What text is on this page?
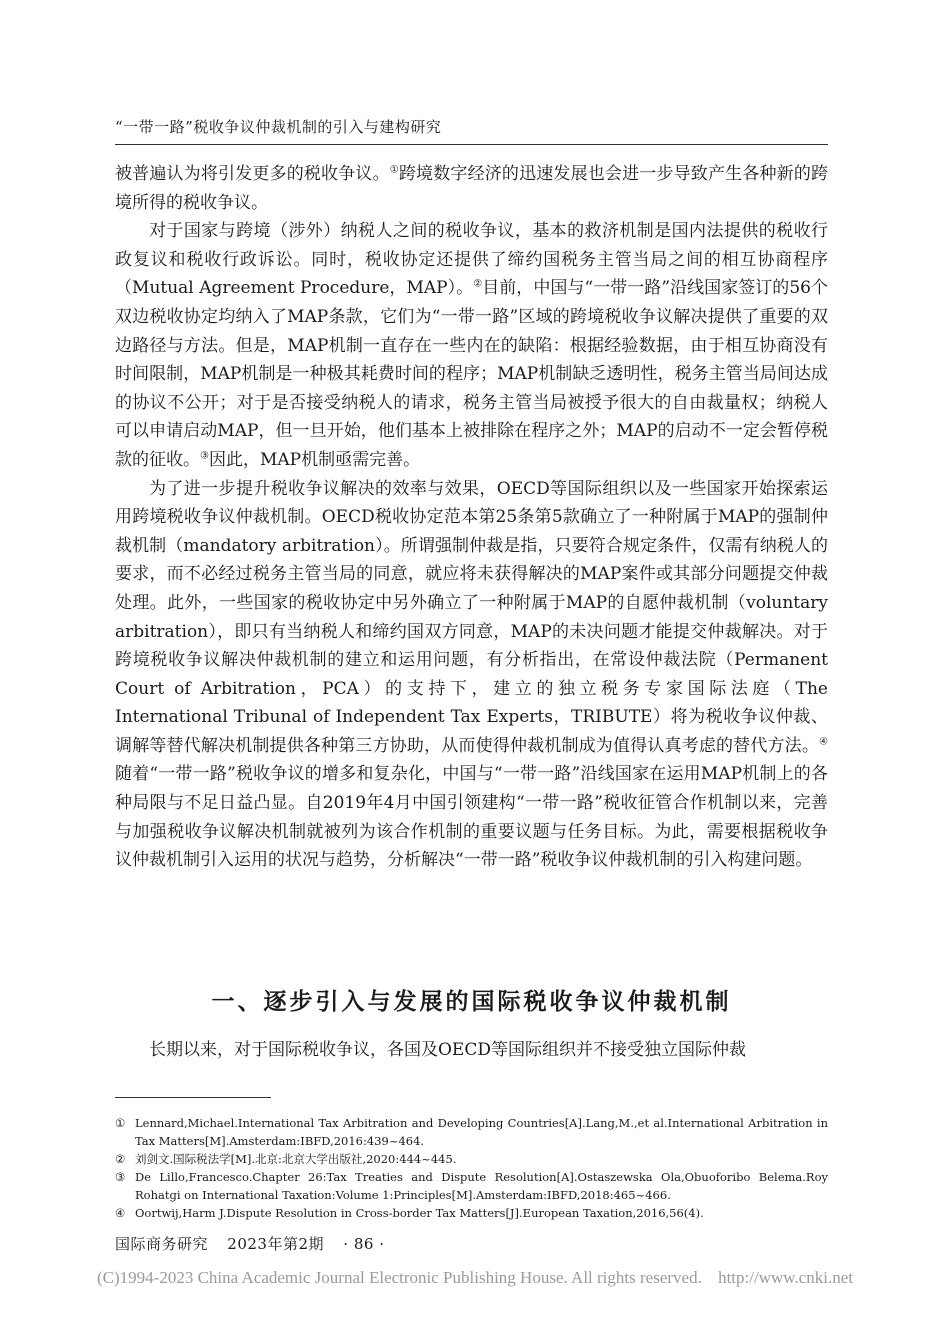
“一带一路”税收争议仲裁机制的引入与建构研究

被普遍认为将引发更多的税收争议。①跨境数字经济的迅速发展也会进一步导致产生各种新的跨境所得的税收争议。

对于国家与跨境（涉外）纳税人之间的税收争议，基本的救济机制是国内法提供的税收行政复议和税收行政诉讼。同时，税收协定还提供了缔约国税务主管当局之间的相互协商程序（Mutual Agreement Procedure，MAP）。②目前，中国与“一带一路”沿线国家签订的56个双边税收协定均纳入了MAP条款，它们为“一带一路”区域的跨境税收争议解决提供了重要的双边路径与方法。但是，MAP机制一直存在一些内在的缺陷：根据经验数据，由于相互协商没有时间限制，MAP机制是一种极其耗费时间的程序；MAP机制缺乏透明性，税务主管当局间达成的协议不公开；对于是否接受纳税人的请求，税务主管当局被授予很大的自由裁量权；纳税人可以申请启动MAP，但一旦开始，他们基本上被排除在程序之外；MAP的启动不一定会暂停税款的征收。③因此，MAP机制亟需完善。

为了进一步提升税收争议解决的效率与效果，OECD等国际组织以及一些国家开始探索运用跨境税收争议仲裁机制。OECD税收协定范本第25条第5款确立了一种附属于MAP的强制仲裁机制（mandatory arbitration）。所谓强制仲裁是指，只要符合规定条件，仅需有纳税人的要求，而不必经过税务主管当局的同意，就应将未获得解决的MAP案件或其部分问题提交仲裁处理。此外，一些国家的税收协定中另外确立了一种附属于MAP的自愿仲裁机制（voluntary arbitration），即只有当纳税人和缔约国双方同意，MAP的未决问题才能提交仲裁解决。对于跨境税收争议解决仲裁机制的建立和运用问题，有分析指出，在常设仲裁法院（Permanent Court of Arbitration，PCA）的支持下，建立的独立税务专家国际法庭（The International Tribunal of Independent Tax Experts，TRIBUTE）将为税收争议仲裁、调解等替代解决机制提供各种第三方协助，从而使得仲裁机制成为值得认真考虑的替代方法。④随着“一带一路”税收争议的增多和复杂化，中国与“一带一路”沿线国家在运用MAP机制上的各种局限与不足日益凸显。自2019年4月中国引领建构“一带一路”税收征管合作机制以来，完善与加强税收争议解决机制就被列为该合作机制的重要议题与任务目标。为此，需要根据税收争议仲裁机制引入运用的状况与趋势，分析解决“一带一路”税收争议仲裁机制的引入构建问题。

一、逐步引入与发展的国际税收争议仲裁机制

长期以来，对于国际税收争议，各国及OECD等国际组织并不接受独立国际仲裁

① Lennard,Michael.International Tax Arbitration and Developing Countries[A].Lang,M.,et al.International Arbitration in Tax Matters[M].Amsterdam:IBFD,2016:439~464.
② 刘剑文.国际税法学[M].北京:北京大学出版社,2020:444~445.
③ De Lillo,Francesco.Chapter 26:Tax Treaties and Dispute Resolution[A].Ostaszewska Ola,Obuoforibo Belema.Roy Rohatgi on International Taxation:Volume 1:Principles[M].Amsterdam:IBFD,2018:465~466.
④ Oortwij,Harm J.Dispute Resolution in Cross-border Tax Matters[J].European Taxation,2016,56(4).
国际商务研究 2023年第2期 · 86 ·
(C)1994-2023 China Academic Journal Electronic Publishing House. All rights reserved. http://www.cnki.net
